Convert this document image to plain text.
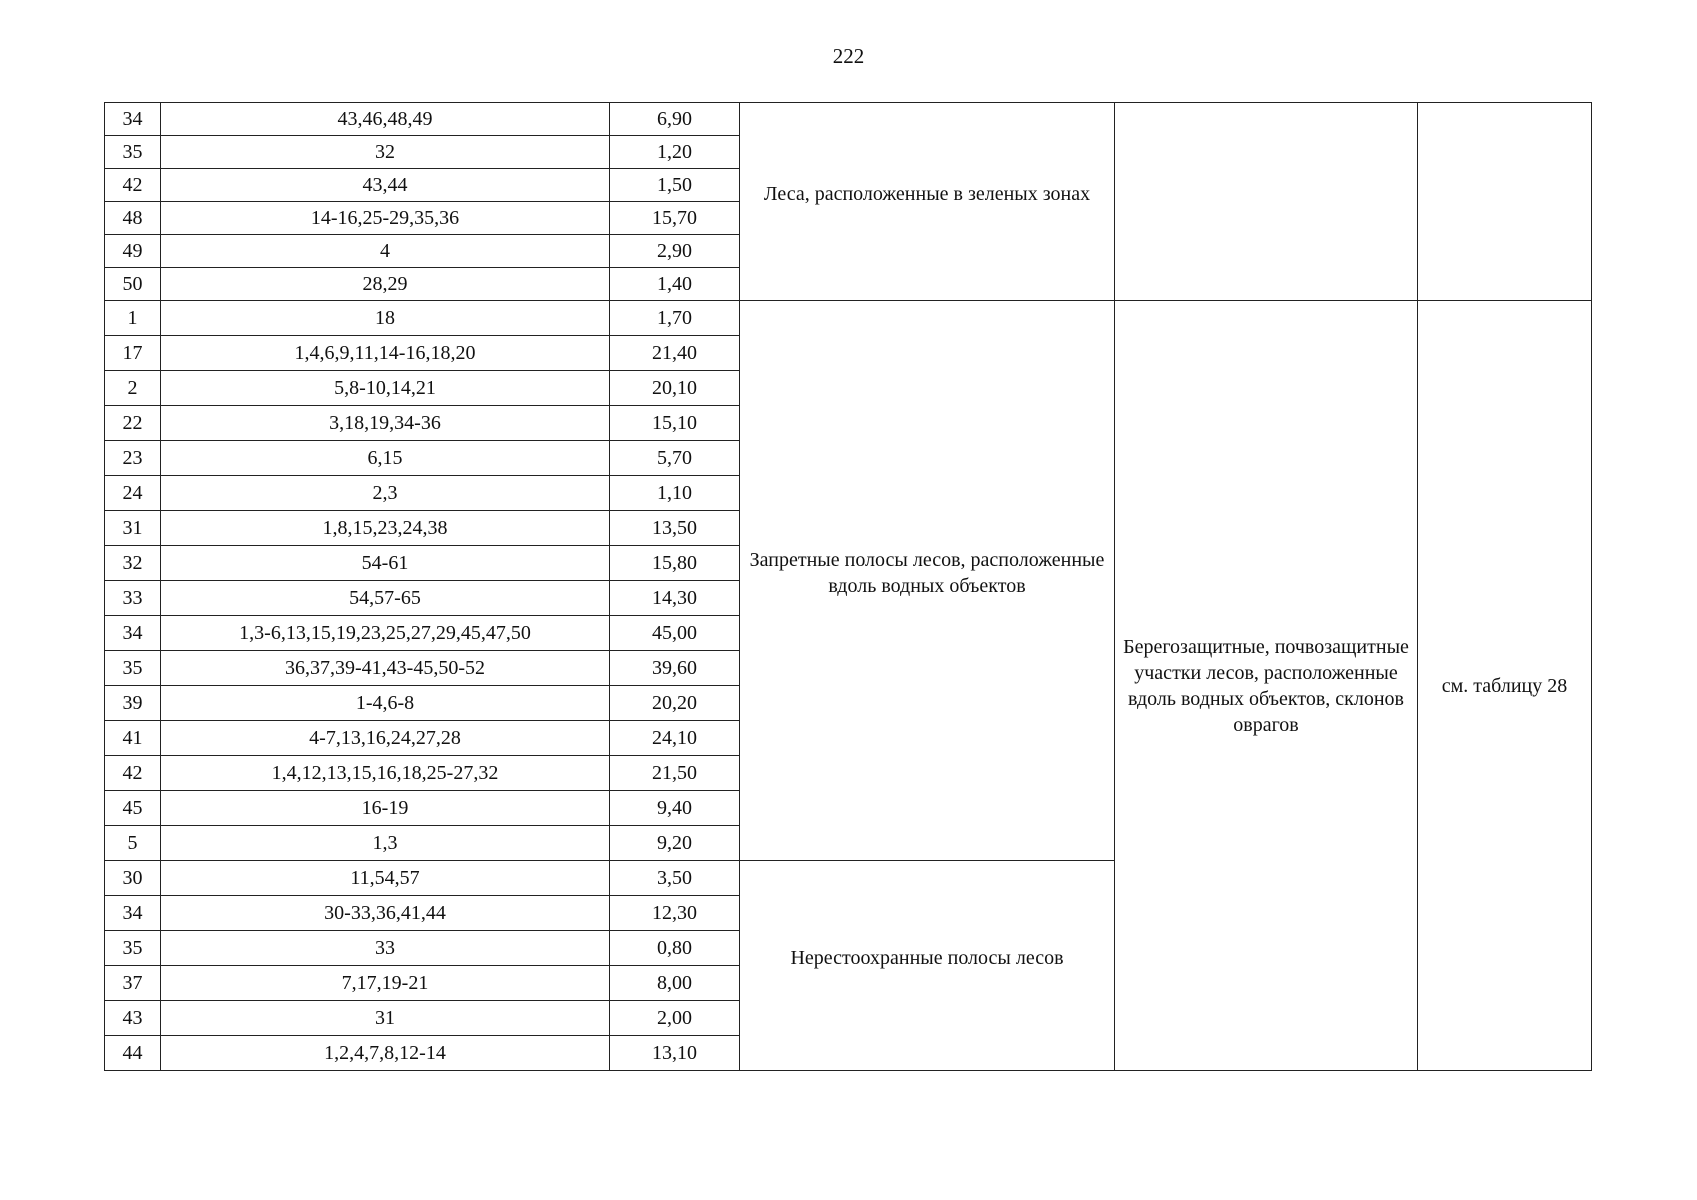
222
34	43,46,48,49	6,90	Леса, расположенные в зеленых зонах		

35	32	1,20			
42	43,44	1,50			
48	14-16,25-29,35,36	15,70			
49	4	2,90			
50	28,29	1,40			
1	18	1,70	Запретные полосы лесов, расположенные вдоль водных объектов	Берегозащитные, почвозащитные участки лесов, расположенные вдоль водных объектов, склонов оврагов	см. таблицу 28
17	1,4,6,9,11,14-16,18,20	21,40			
2	5,8-10,14,21	20,10			
22	3,18,19,34-36	15,10			
23	6,15	5,70			
24	2,3	1,10			
31	1,8,15,23,24,38	13,50			
32	54-61	15,80			
33	54,57-65	14,30			
34	1,3-6,13,15,19,23,25,27,29,45,47,50	45,00			
35	36,37,39-41,43-45,50-52	39,60			
39	1-4,6-8	20,20			
41	4-7,13,16,24,27,28	24,10			
42	1,4,12,13,15,16,18,25-27,32	21,50			
45	16-19	9,40			
5	1,3	9,20			
30	11,54,57	3,50	Нерестоохранные полосы лесов		

34	30-33,36,41,44	12,30			
35	33	0,80			
37	7,17,19-21	8,00			
43	31	2,00			
44	1,2,4,7,8,12-14	13,10			
